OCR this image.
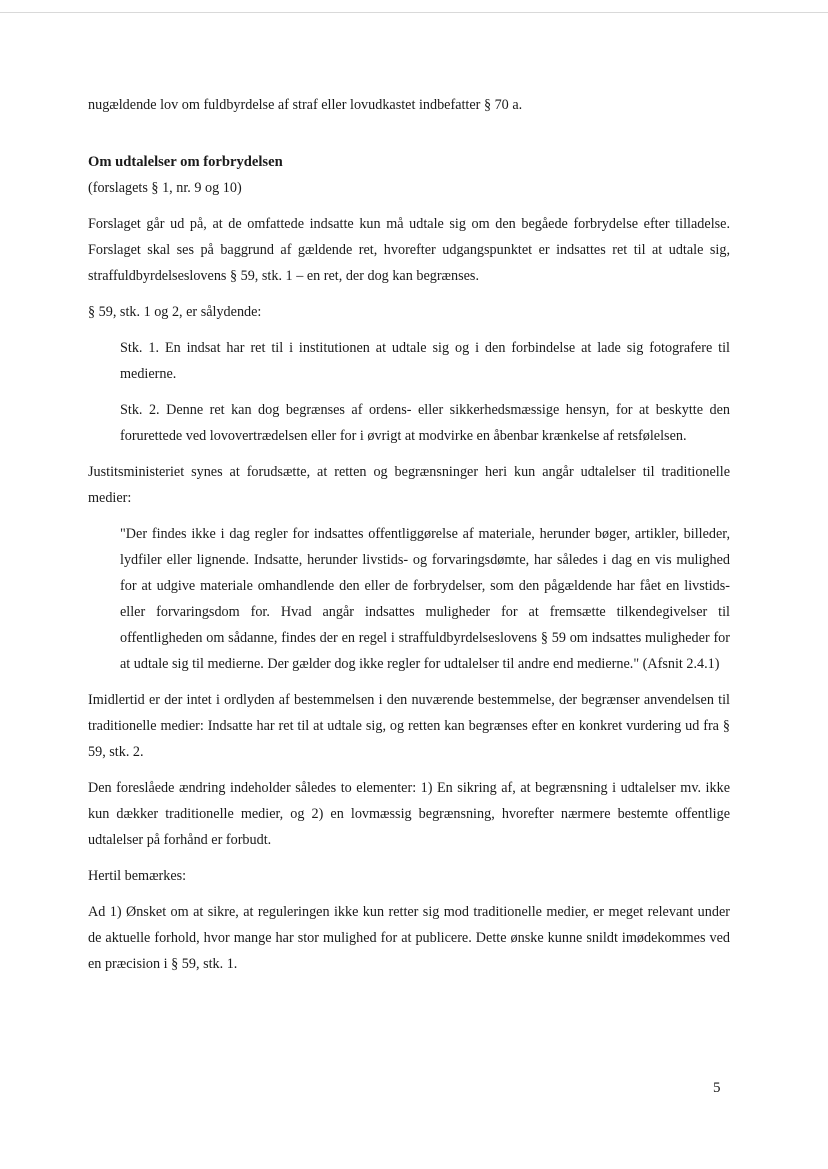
nugældende lov om fuldbyrdelse af straf eller lovudkastet indbefatter § 70 a.

Om udtalelser om forbrydelsen

(forslagets § 1, nr. 9 og 10)

Forslaget går ud på, at de omfattede indsatte kun må udtale sig om den begåede forbrydelse efter tilladelse. Forslaget skal ses på baggrund af gældende ret, hvorefter udgangspunktet er indsattes ret til at udtale sig, straffuldbyrdelseslovens § 59, stk. 1 – en ret, der dog kan begrænses.

§ 59, stk. 1 og 2, er sålydende:

Stk. 1. En indsat har ret til i institutionen at udtale sig og i den forbindelse at lade sig fotografere til medierne.

Stk. 2. Denne ret kan dog begrænses af ordens- eller sikkerhedsmæssige hensyn, for at beskytte den forurettede ved lovovertrædelsen eller for i øvrigt at modvirke en åbenbar krænkelse af retsfølelsen.

Justitsministeriet synes at forudsætte, at retten og begrænsninger heri kun angår udtalelser til traditionelle medier:

"Der findes ikke i dag regler for indsattes offentliggørelse af materiale, herunder bøger, artikler, billeder, lydfiler eller lignende. Indsatte, herunder livstids- og forvaringsdømte, har således i dag en vis mulighed for at udgive materiale omhandlende den eller de forbrydelser, som den pågældende har fået en livstids- eller forvaringsdom for. Hvad angår indsattes muligheder for at fremsætte tilkendegivelser til offentligheden om sådanne, findes der en regel i straffuldbyrdelseslovens § 59 om indsattes muligheder for at udtale sig til medierne. Der gælder dog ikke regler for udtalelser til andre end medierne." (Afsnit 2.4.1)

Imidlertid er der intet i ordlyden af bestemmelsen i den nuværende bestemmelse, der begrænser anvendelsen til traditionelle medier: Indsatte har ret til at udtale sig, og retten kan begrænses efter en konkret vurdering ud fra § 59, stk. 2.

Den foreslåede ændring indeholder således to elementer: 1) En sikring af, at begrænsning i udtalelser mv. ikke kun dækker traditionelle medier, og 2) en lovmæssig begrænsning, hvorefter nærmere bestemte offentlige udtalelser på forhånd er forbudt.

Hertil bemærkes:

Ad 1) Ønsket om at sikre, at reguleringen ikke kun retter sig mod traditionelle medier, er meget relevant under de aktuelle forhold, hvor mange har stor mulighed for at publicere. Dette ønske kunne snildt imødekommes ved en præcision i § 59, stk. 1.

5
